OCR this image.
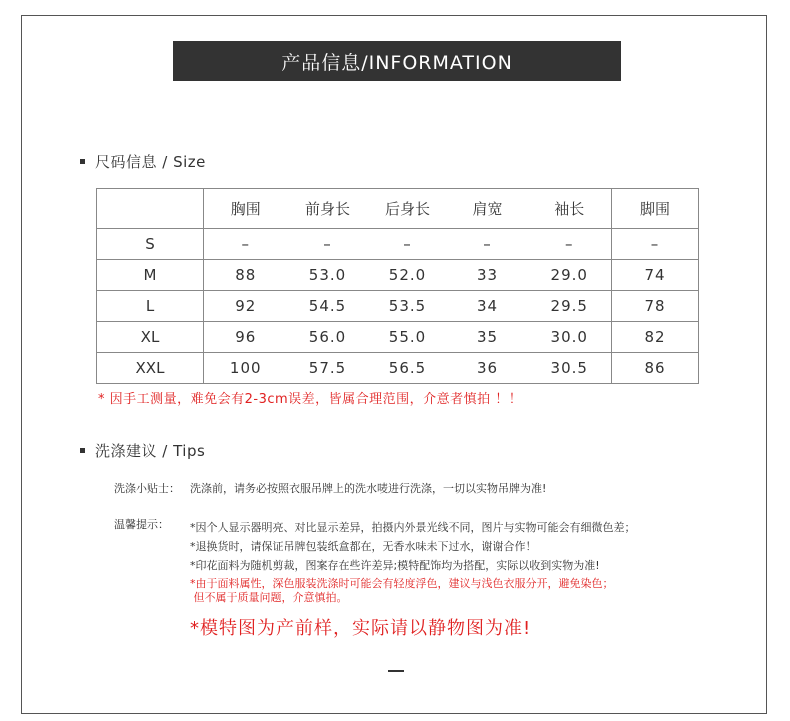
产品信息/INFORMATION
尺码信息 / Size
	胸围	前身长	后身长	肩宽	袖长	脚围
S	–	–	–	–	–	–
M	88	53.0	52.0	33	29.0	74
L	92	54.5	53.5	34	29.5	78
XL	96	56.0	55.0	35	30.0	82
XXL	100	57.5	56.5	36	30.5	86
* 因手工测量，难免会有2-3cm误差，皆属合理范围，介意者慎拍 ！！
洗涤建议 / Tips
洗涤小贴士： 洗涤前，请务必按照衣服吊牌上的洗水唛进行洗涤，一切以实物吊牌为准!
温馨提示： *因个人显示器明亮、对比显示差异，拍摄内外景光线不同，图片与实物可能会有细微色差；
*退换货时，请保证吊牌包装纸盒都在，无香水味未下过水，谢谢合作！
*印花面料为随机剪裁，图案存在些许差异;模特配饰均为搭配，实际以收到实物为准!
*由于面料属性，深色服装洗涤时可能会有轻度浮色，建议与浅色衣服分开，避免染色；
但不属于质量问题，介意慎拍。
*模特图为产前样，实际请以静物图为准!
